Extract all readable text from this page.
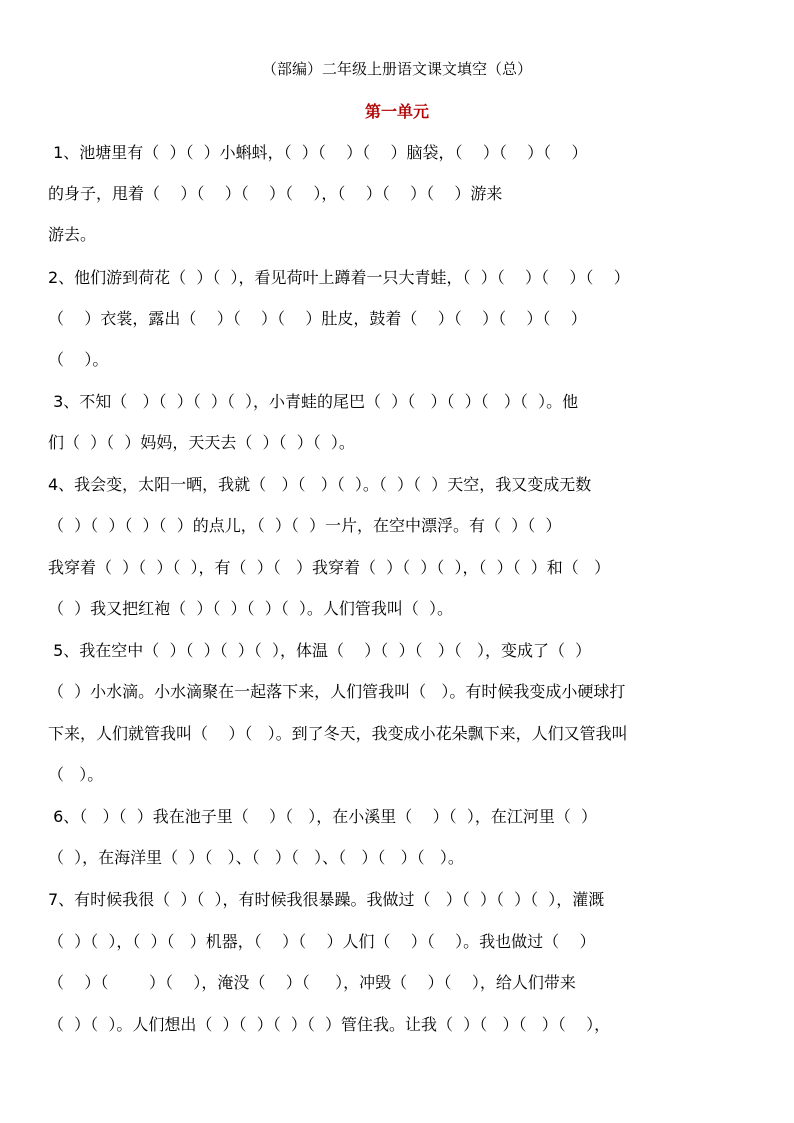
（部编）二年级上册语文课文填空（总）
第一单元
1、池塘里有（  ）（  ）小蝌蚪，（  ）（    ）（    ）脑袋，（    ）（    ）（    ）
的身子，甩着（    ）（    ）（    ）（    ），（    ）（    ）（    ）游来
游去。
2、他们游到荷花（  ）（  ），看见荷叶上蹲着一只大青蛙，（  ）（    ）（    ）（    ）
（    ）衣裳，露出（    ）（    ）（    ）肚皮，鼓着（    ）（    ）（    ）（    ）
（    ）。
3、不知（   ）（  ）（  ）（  ），小青蛙的尾巴（  ）（   ）（  ）（   ）（  ）。他
们（  ）（  ）妈妈，天天去（  ）（  ）（  ）。
4、我会变，太阳一晒，我就（   ）（   ）（  ）。（  ）（  ）天空，我又变成无数
（  ）（  ）（  ）（  ）的点儿，（  ）（  ）一片，在空中漂浮。有（  ）（  ）
我穿着（  ）（  ）（  ），有（  ）（   ）我穿着（  ）（  ）（  ），（  ）（  ）和（   ）
（  ）我又把红袍（  ）（  ）（  ）（  ）。人们管我叫（  ）。
5、我在空中（  ）（  ）（  ）（  ），体温（    ）（  ）（   ）（   ），变成了（  ）
（  ）小水滴。小水滴聚在一起落下来，人们管我叫（   ）。有时候我变成小硬球打
下来，人们就管我叫（    ）（   ）。到了冬天，我变成小花朵飘下来，人们又管我叫
（   ）。
6、（   ）（  ）我在池子里（    ）（   ），在小溪里（    ）（  ），在江河里（  ）
（  ），在海洋里（  ）（   ）、（   ）（   ）、（   ）（   ）（   ）。
7、有时候我很（  ）（  ），有时候我很暴躁。我做过（   ）（  ）（  ）（  ），灌溉
（  ）（  ），（  ）（   ）机器，（    ）（    ）人们（    ）（    ）。我也做过（    ）
（    ）（        ）（    ），淹没（    ）（     ），冲毁（    ）（    ），给人们带来
（  ）（  ）。人们想出（  ）（  ）（  ）（  ）管住我。让我（  ）（   ）（   ）（    ），
